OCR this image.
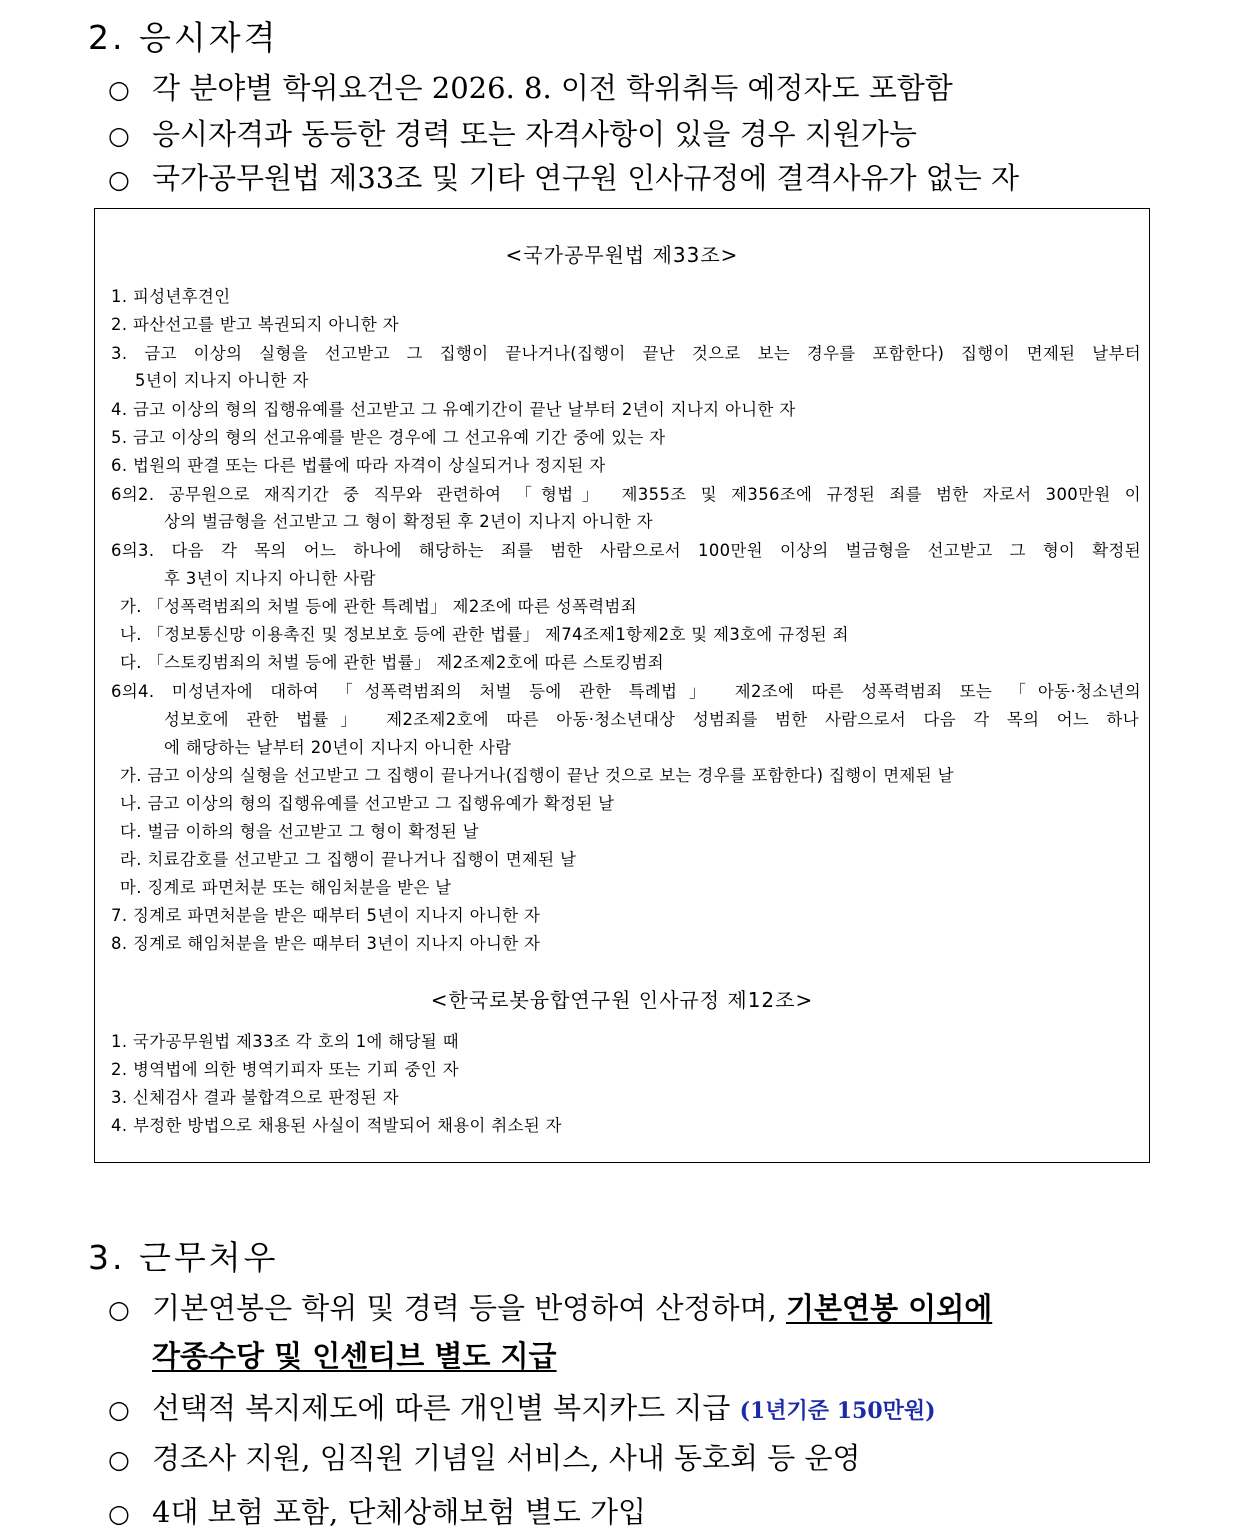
2. 응시자격
○ 각 분야별 학위요건은 2026. 8. 이전 학위취득 예정자도 포함함
○ 응시자격과 동등한 경력 또는 자격사항이 있을 경우 지원가능
○ 국가공무원법 제33조 및 기타 연구원 인사규정에 결격사유가 없는 자
<국가공무원법 제33조>
1. 피성년후견인
2. 파산선고를 받고 복권되지 아니한 자
3. 금고 이상의 실형을 선고받고 그 집행이 끝나거나(집행이 끝난 것으로 보는 경우를 포함한다) 집행이 면제된 날부터
5년이 지나지 아니한 자
4. 금고 이상의 형의 집행유예를 선고받고 그 유예기간이 끝난 날부터 2년이 지나지 아니한 자
5. 금고 이상의 형의 선고유예를 받은 경우에 그 선고유예 기간 중에 있는 자
6. 법원의 판결 또는 다른 법률에 따라 자격이 상실되거나 정지된 자
6의2. 공무원으로 재직기간 중 직무와 관련하여 「형법」 제355조 및 제356조에 규정된 죄를 범한 자로서 300만원 이
상의 벌금형을 선고받고 그 형이 확정된 후 2년이 지나지 아니한 자
6의3. 다음 각 목의 어느 하나에 해당하는 죄를 범한 사람으로서 100만원 이상의 벌금형을 선고받고 그 형이 확정된
후 3년이 지나지 아니한 사람
가. 「성폭력범죄의 처벌 등에 관한 특례법」 제2조에 따른 성폭력범죄
나. 「정보통신망 이용촉진 및 정보보호 등에 관한 법률」 제74조제1항제2호 및 제3호에 규정된 죄
다. 「스토킹범죄의 처벌 등에 관한 법률」 제2조제2호에 따른 스토킹범죄
6의4. 미성년자에 대하여 「성폭력범죄의 처벌 등에 관한 특례법」 제2조에 따른 성폭력범죄 또는 「아동·청소년의
성보호에 관한 법률」 제2조제2호에 따른 아동·청소년대상 성범죄를 범한 사람으로서 다음 각 목의 어느 하나
에 해당하는 날부터 20년이 지나지 아니한 사람
가. 금고 이상의 실형을 선고받고 그 집행이 끝나거나(집행이 끝난 것으로 보는 경우를 포함한다) 집행이 면제된 날
나. 금고 이상의 형의 집행유예를 선고받고 그 집행유예가 확정된 날
다. 벌금 이하의 형을 선고받고 그 형이 확정된 날
라. 치료감호를 선고받고 그 집행이 끝나거나 집행이 면제된 날
마. 징계로 파면처분 또는 해임처분을 받은 날
7. 징계로 파면처분을 받은 때부터 5년이 지나지 아니한 자
8. 징계로 해임처분을 받은 때부터 3년이 지나지 아니한 자
<한국로봇융합연구원 인사규정 제12조>
1. 국가공무원법 제33조 각 호의 1에 해당될 때
2. 병역법에 의한 병역기피자 또는 기피 중인 자
3. 신체검사 결과 불합격으로 판정된 자
4. 부정한 방법으로 채용된 사실이 적발되어 채용이 취소된 자
3. 근무처우
○ 기본연봉은 학위 및 경력 등을 반영하여 산정하며, 기본연봉 이외에
각종수당 및 인센티브 별도 지급
○ 선택적 복지제도에 따른 개인별 복지카드 지급 (1년기준 150만원)
○ 경조사 지원, 임직원 기념일 서비스, 사내 동호회 등 운영
○ 4대 보험 포함, 단체상해보험 별도 가입
